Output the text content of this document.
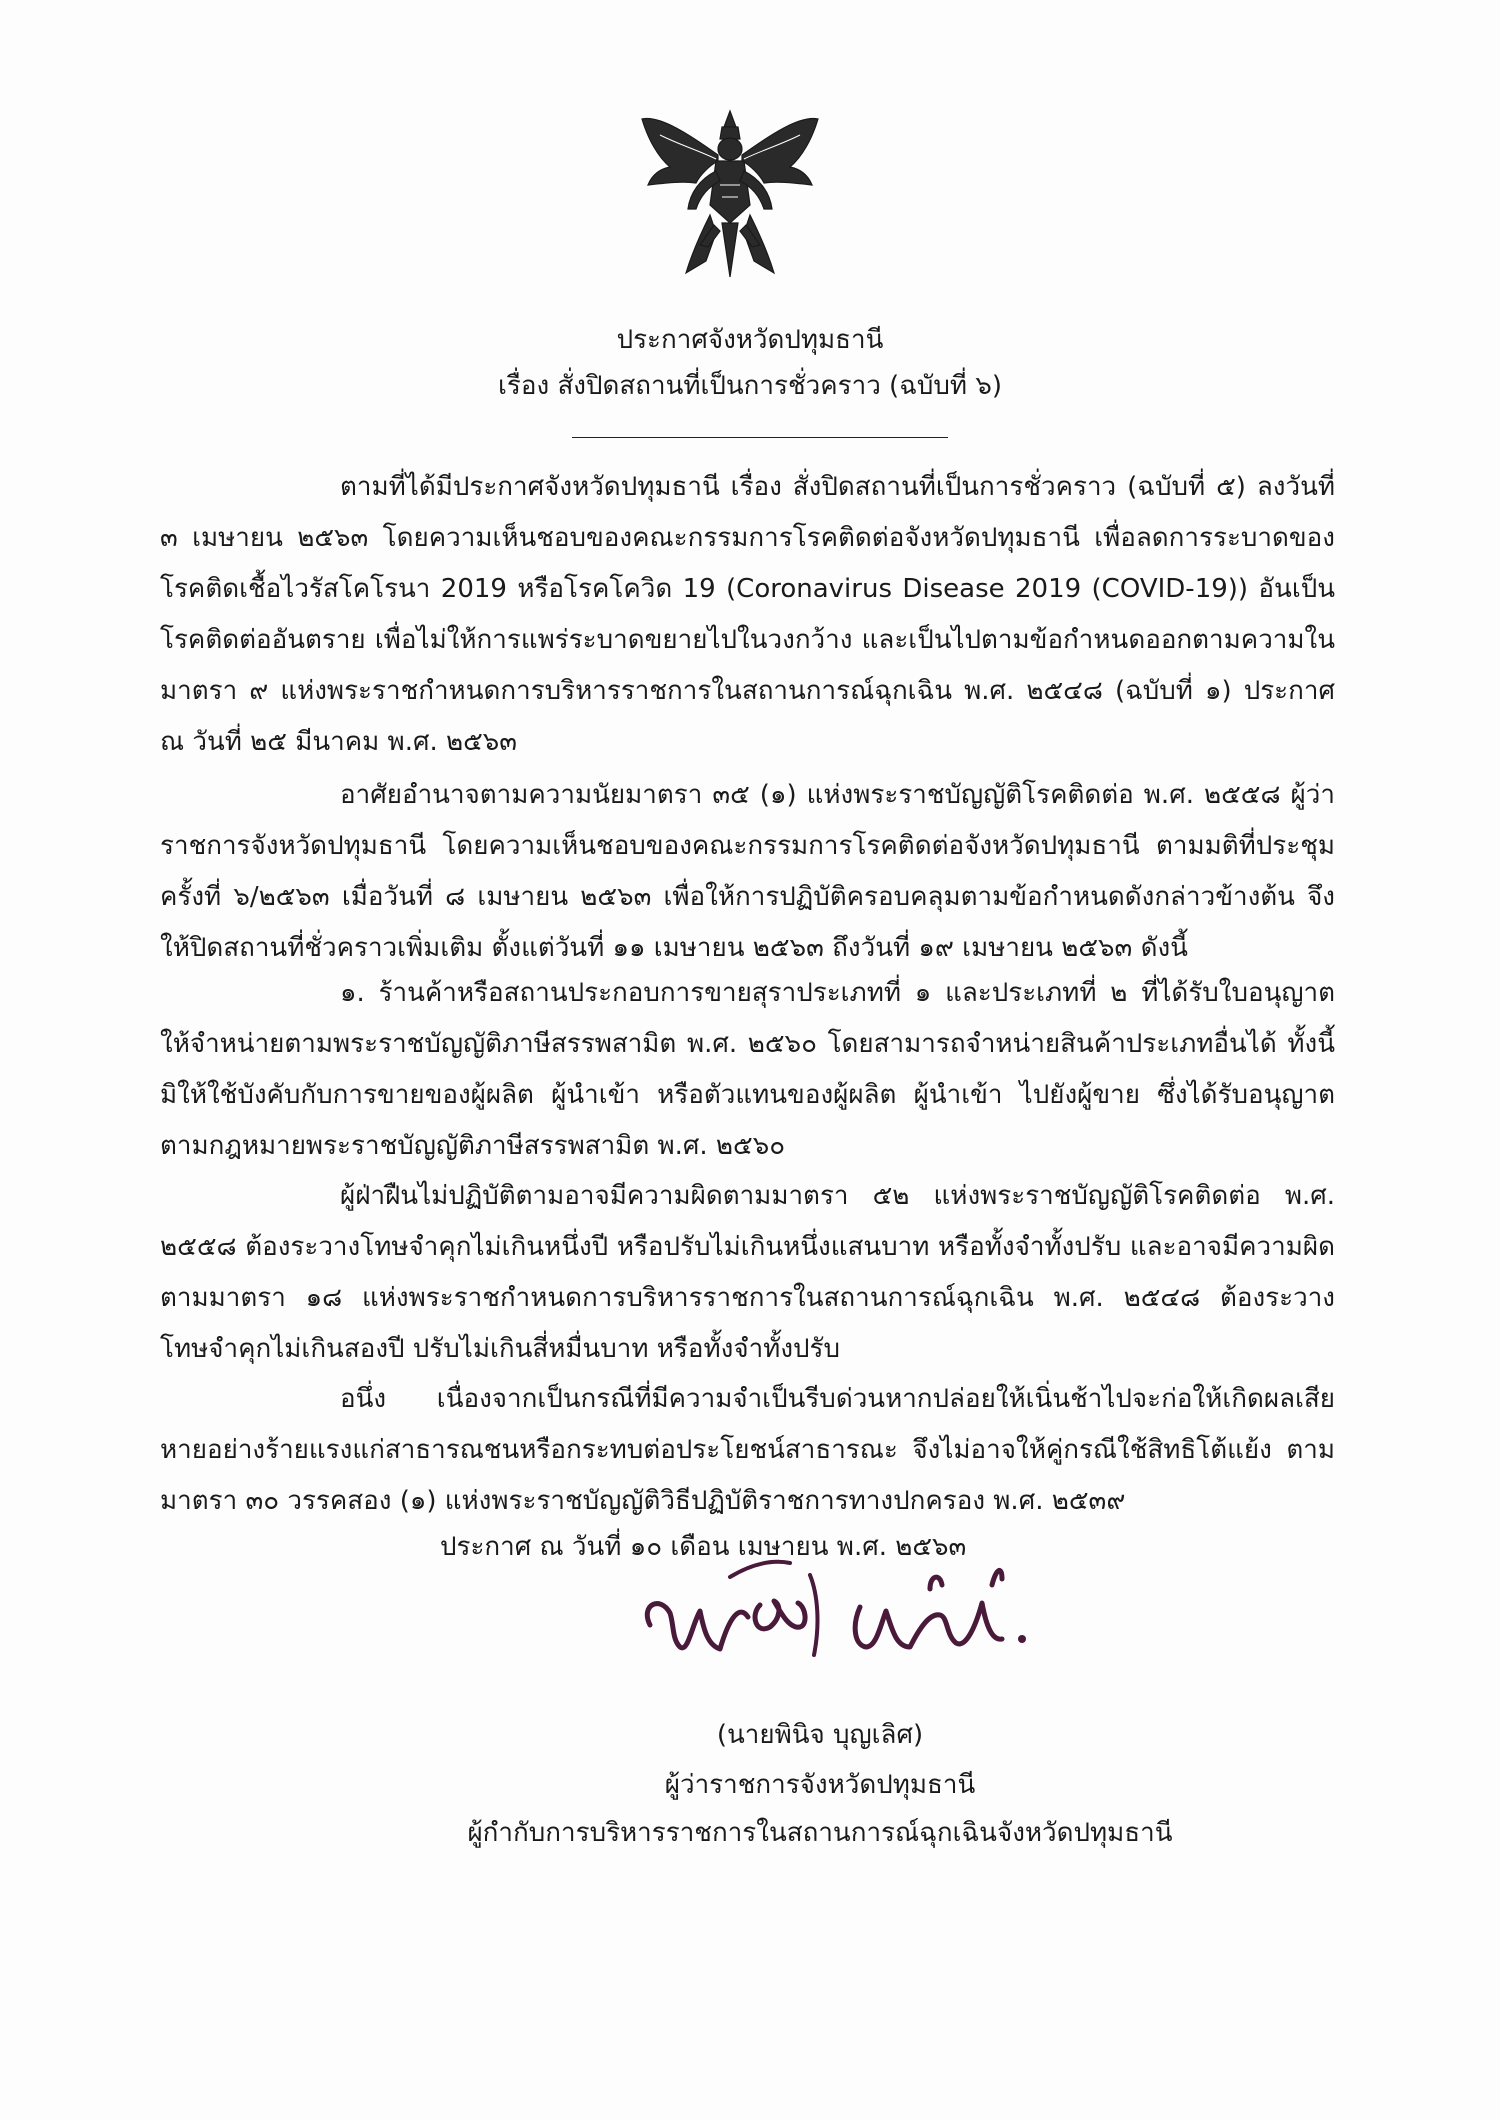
ประกาศจังหวัดปทุมธานี
เรื่อง สั่งปิดสถานที่เป็นการชั่วคราว (ฉบับที่ ๖)

ตามที่ได้มีประกาศจังหวัดปทุมธานี เรื่อง สั่งปิดสถานที่เป็นการชั่วคราว (ฉบับที่ ๕) ลงวันที่ ๓ เมษายน ๒๕๖๓ โดยความเห็นชอบของคณะกรรมการโรคติดต่อจังหวัดปทุมธานี เพื่อลดการระบาดของโรคติดเชื้อไวรัสโคโรนา 2019 หรือโรคโควิด 19 (Coronavirus Disease 2019 (COVID-19)) อันเป็นโรคติดต่ออันตราย เพื่อไม่ให้การแพร่ระบาดขยายไปในวงกว้าง และเป็นไปตามข้อกำหนดออกตามความในมาตรา ๙ แห่งพระราชกำหนดการบริหารราชการในสถานการณ์ฉุกเฉิน พ.ศ. ๒๕๔๘ (ฉบับที่ ๑) ประกาศ ณ วันที่ ๒๕ มีนาคม พ.ศ. ๒๕๖๓

อาศัยอำนาจตามความนัยมาตรา ๓๕ (๑) แห่งพระราชบัญญัติโรคติดต่อ พ.ศ. ๒๕๕๘ ผู้ว่าราชการจังหวัดปทุมธานี โดยความเห็นชอบของคณะกรรมการโรคติดต่อจังหวัดปทุมธานี ตามมติที่ประชุมครั้งที่ ๖/๒๕๖๓ เมื่อวันที่ ๘ เมษายน ๒๕๖๓ เพื่อให้การปฏิบัติครอบคลุมตามข้อกำหนดดังกล่าวข้างต้น จึงให้ปิดสถานที่ชั่วคราวเพิ่มเติม ตั้งแต่วันที่ ๑๑ เมษายน ๒๕๖๓ ถึงวันที่ ๑๙ เมษายน ๒๕๖๓ ดังนี้

๑. ร้านค้าหรือสถานประกอบการขายสุราประเภทที่ ๑ และประเภทที่ ๒ ที่ได้รับใบอนุญาตให้จำหน่ายตามพระราชบัญญัติภาษีสรรพสามิต พ.ศ. ๒๕๖๐ โดยสามารถจำหน่ายสินค้าประเภทอื่นได้ ทั้งนี้ มิให้ใช้บังคับกับการขายของผู้ผลิต ผู้นำเข้า หรือตัวแทนของผู้ผลิต ผู้นำเข้า ไปยังผู้ขาย ซึ่งได้รับอนุญาตตามกฎหมายพระราชบัญญัติภาษีสรรพสามิต พ.ศ. ๒๕๖๐

ผู้ฝ่าฝืนไม่ปฏิบัติตามอาจมีความผิดตามมาตรา ๕๒ แห่งพระราชบัญญัติโรคติดต่อ พ.ศ. ๒๕๕๘ ต้องระวางโทษจำคุกไม่เกินหนึ่งปี หรือปรับไม่เกินหนึ่งแสนบาท หรือทั้งจำทั้งปรับ และอาจมีความผิดตามมาตรา ๑๘ แห่งพระราชกำหนดการบริหารราชการในสถานการณ์ฉุกเฉิน พ.ศ. ๒๕๔๘ ต้องระวางโทษจำคุกไม่เกินสองปี ปรับไม่เกินสี่หมื่นบาท หรือทั้งจำทั้งปรับ

อนึ่ง เนื่องจากเป็นกรณีที่มีความจำเป็นรีบด่วนหากปล่อยให้เนิ่นช้าไปจะก่อให้เกิดผลเสียหายอย่างร้ายแรงแก่สาธารณชนหรือกระทบต่อประโยชน์สาธารณะ จึงไม่อาจให้คู่กรณีใช้สิทธิโต้แย้ง ตามมาตรา ๓๐ วรรคสอง (๑) แห่งพระราชบัญญัติวิธีปฏิบัติราชการทางปกครอง พ.ศ. ๒๕๓๙

ประกาศ ณ วันที่ ๑๐ เดือน เมษายน พ.ศ. ๒๕๖๓
(นายพินิจ บุญเลิศ)
ผู้ว่าราชการจังหวัดปทุมธานี
ผู้กำกับการบริหารราชการในสถานการณ์ฉุกเฉินจังหวัดปทุมธานี
